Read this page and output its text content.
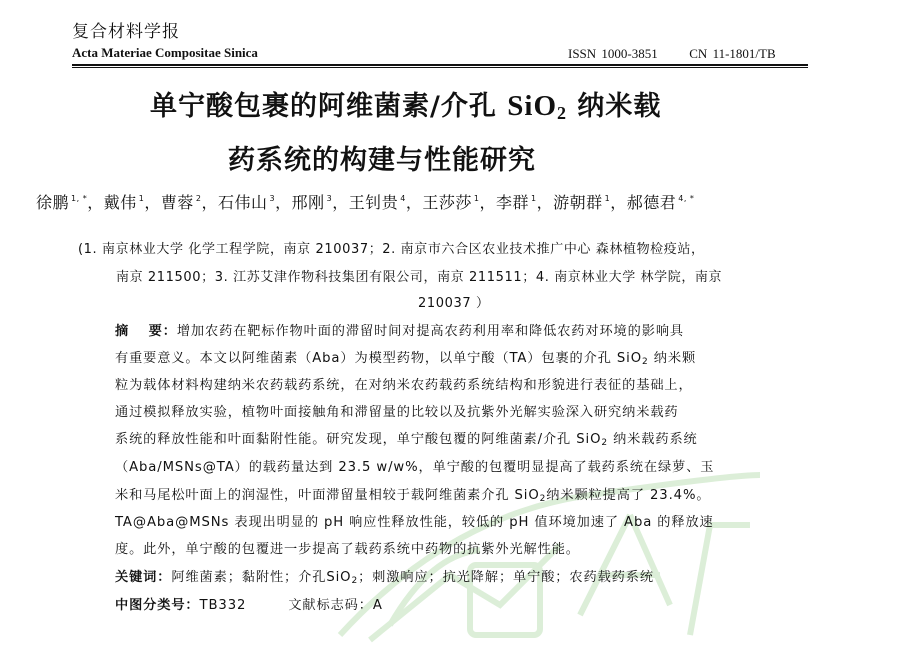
复合材料学报
Acta Materiae Compositae Sinica	ISSN 1000-3851 CN 11-1801/TB
单宁酸包裹的阿维菌素/介孔 SiO$_2$ 纳米载
药系统的构建与性能研究
徐鹏 $^{1, *}$，戴伟 $^1$，曹蓉 $^2$，石伟山 $^3$，邢刚 $^3$，王钊贵 $^4$，王莎莎 $^1$，李群 $^1$，游朝群 $^1$，郝德君 $^{4, *}$
(1. 南京林业大学 化学工程学院，南京 210037；2. 南京市六合区农业技术推广中心 森林植物检疫站，
南京 211500；3. 江苏艾津作物科技集团有限公司，南京 211511；4. 南京林业大学 林学院，南京
210037 ）
摘　 要：增加农药在靶标作物叶面的滞留时间对提高农药利用率和降低农药对环境的影响具
有重要意义。本文以阿维菌素（Aba）为模型药物，以单宁酸（TA）包裹的介孔 SiO$_2$ 纳米颗
粒为载体材料构建纳米农药载药系统，在对纳米农药载药系统结构和形貌进行表征的基础上，
通过模拟释放实验，植物叶面接触角和滞留量的比较以及抗紫外光解实验深入研究纳米载药
系统的释放性能和叶面黏附性能。研究发现，单宁酸包覆的阿维菌素/介孔 SiO$_2$ 纳米载药系统
（Aba/MSNs@TA）的载药量达到 23.5 w/w%，单宁酸的包覆明显提高了载药系统在绿萝、玉
米和马尾松叶面上的润湿性，叶面滞留量相较于载阿维菌素介孔 SiO$_2$纳米颗粒提高了 23.4%。
TA@Aba@MSNs 表现出明显的 pH 响应性释放性能，较低的 pH 值环境加速了 Aba 的释放速
度。此外，单宁酸的包覆进一步提高了载药系统中药物的抗紫外光解性能。
关键词：阿维菌素；黏附性；介孔SiO$_2$；刺激响应；抗光降解；单宁酸；农药载药系统
中图分类号：TB332	文献标志码：A
